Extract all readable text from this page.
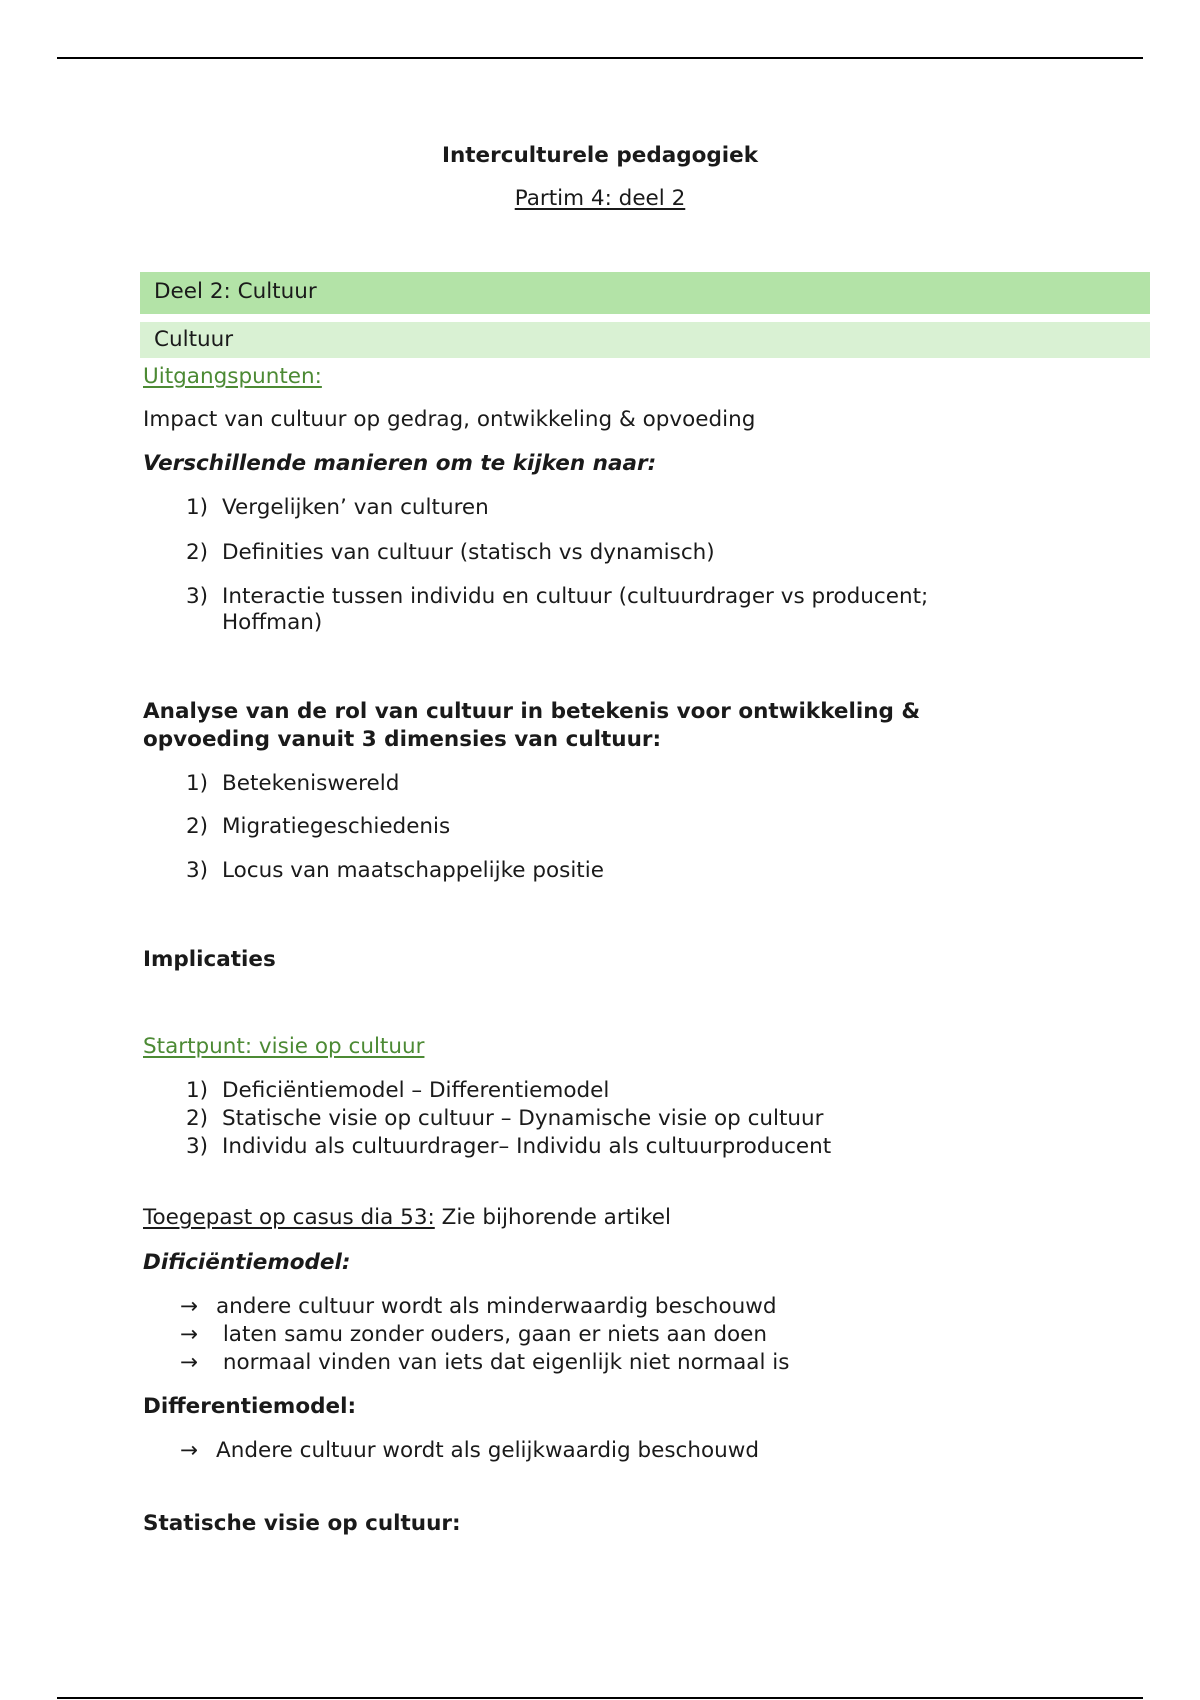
Interculturele pedagogiek
Partim 4: deel 2
Deel 2: Cultuur
Cultuur
Uitgangspunten:
Impact van cultuur op gedrag, ontwikkeling & opvoeding
Verschillende manieren om te kijken naar:
1) Vergelijken’ van culturen
2) Definities van cultuur (statisch vs dynamisch)
3) Interactie tussen individu en cultuur (cultuurdrager vs producent;
Hoffman)
Analyse van de rol van cultuur in betekenis voor ontwikkeling &
opvoeding vanuit 3 dimensies van cultuur:
1) Betekeniswereld
2) Migratiegeschiedenis
3) Locus van maatschappelijke positie
Implicaties
Startpunt: visie op cultuur
1) Deficiëntiemodel – Differentiemodel
2) Statische visie op cultuur – Dynamische visie op cultuur
3) Individu als cultuurdrager– Individu als cultuurproducent
Toegepast op casus dia 53: Zie bijhorende artikel
Dificiëntiemodel:
→ andere cultuur wordt als minderwaardig beschouwd
→ laten samu zonder ouders, gaan er niets aan doen
→ normaal vinden van iets dat eigenlijk niet normaal is
Differentiemodel:
→ Andere cultuur wordt als gelijkwaardig beschouwd
Statische visie op cultuur:
